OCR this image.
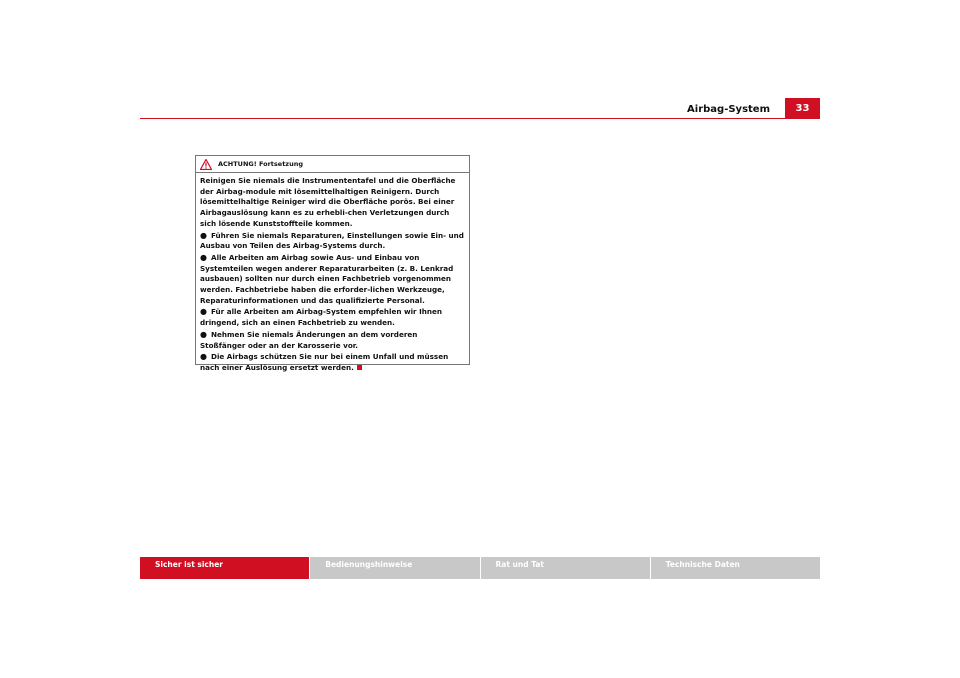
Airbag-System	33
ACHTUNG! Fortsetzung

Reinigen Sie niemals die Instrumententafel und die Oberfläche der Airbag-module mit lösemittelhaltigen Reinigern. Durch lösemittelhaltige Reiniger wird die Oberfläche porös. Bei einer Airbagauslösung kann es zu erhebli-chen Verletzungen durch sich lösende Kunststoffteile kommen.

● Führen Sie niemals Reparaturen, Einstellungen sowie Ein- und Ausbau von Teilen des Airbag-Systems durch.

● Alle Arbeiten am Airbag sowie Aus- und Einbau von Systemteilen wegen anderer Reparaturarbeiten (z. B. Lenkrad ausbauen) sollten nur durch einen Fachbetrieb vorgenommen werden. Fachbetriebe haben die erforder-lichen Werkzeuge, Reparaturinformationen und das qualifizierte Personal.

● Für alle Arbeiten am Airbag-System empfehlen wir Ihnen dringend, sich an einen Fachbetrieb zu wenden.

● Nehmen Sie niemals Änderungen an dem vorderen Stoßfänger oder an der Karosserie vor.

● Die Airbags schützen Sie nur bei einem Unfall und müssen nach einer Auslösung ersetzt werden.

Sicher ist sicher	Bedienungshinweise	Rat und Tat	Technische Daten
